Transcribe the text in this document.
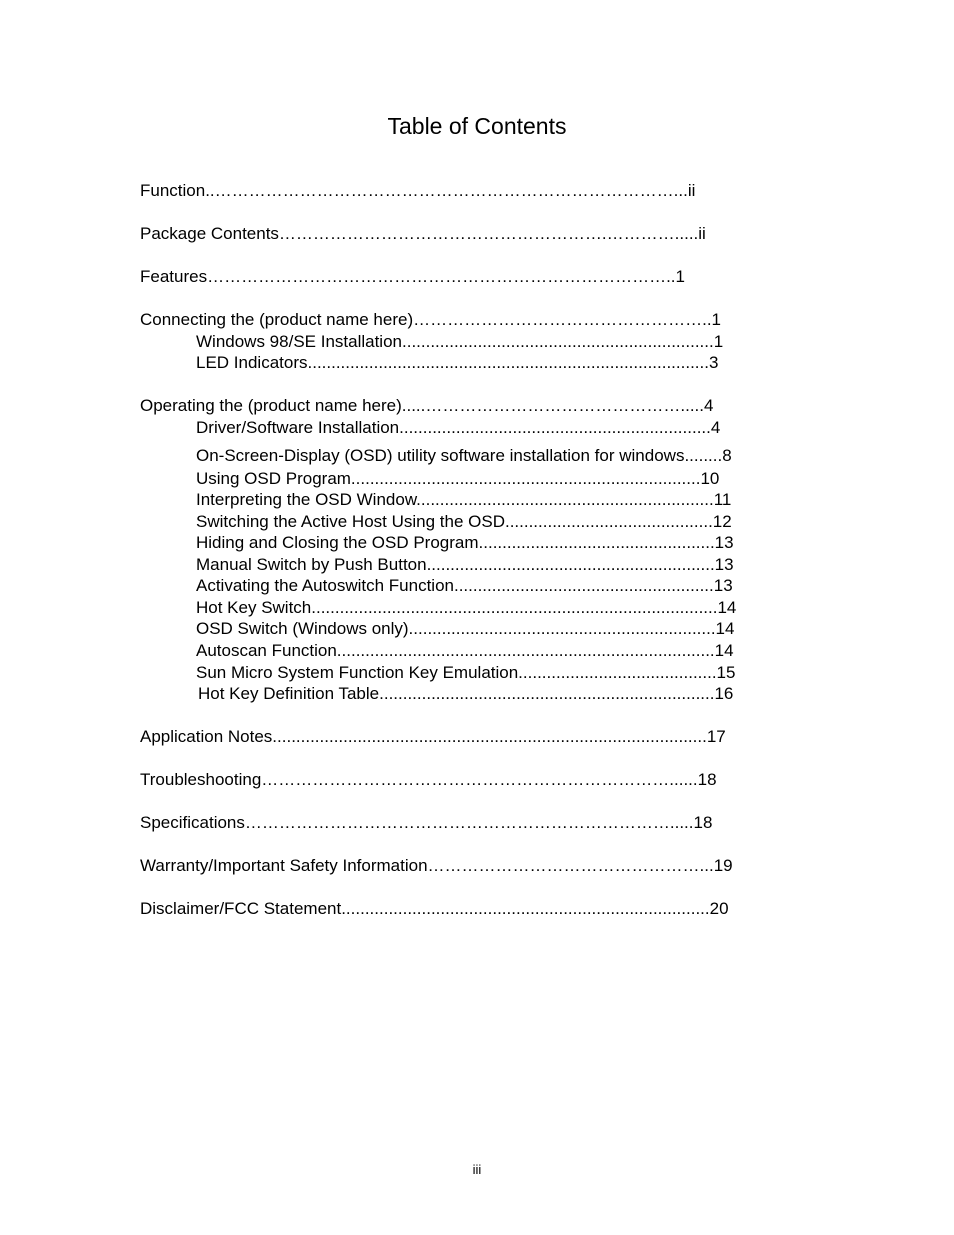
Table of Contents
Function..………………………………………………………………………...ii
Package Contents………………………………………………….………….....ii
Features………………………………………………………………………..1
Connecting the (product name here)……………………………………………..1
Windows 98/SE Installation..................................................................1
LED Indicators.....................................................................................3
Operating the (product name here).....……………………………………….....4
Driver/Software Installation..................................................................4
On-Screen-Display (OSD) utility software installation for windows........8
Using OSD Program..........................................................................10
Interpreting the OSD Window...............................................................11
Switching the Active Host Using the OSD............................................12
Hiding and Closing the OSD Program..................................................13
Manual Switch by Push Button.............................................................13
Activating the Autoswitch Function.......................................................13
Hot Key Switch......................................................................................14
OSD Switch (Windows only).................................................................14
Autoscan Function................................................................................14
Sun Micro System Function Key Emulation..........................................15
Hot Key Definition Table.......................................................................16
Application Notes............................................................................................17
Troubleshooting………………………………………………………………......18
Specifications………………………………………………………………….....18
Warranty/Important Safety Information…………………………………………...19
Disclaimer/FCC Statement..............................................................................20
iii
